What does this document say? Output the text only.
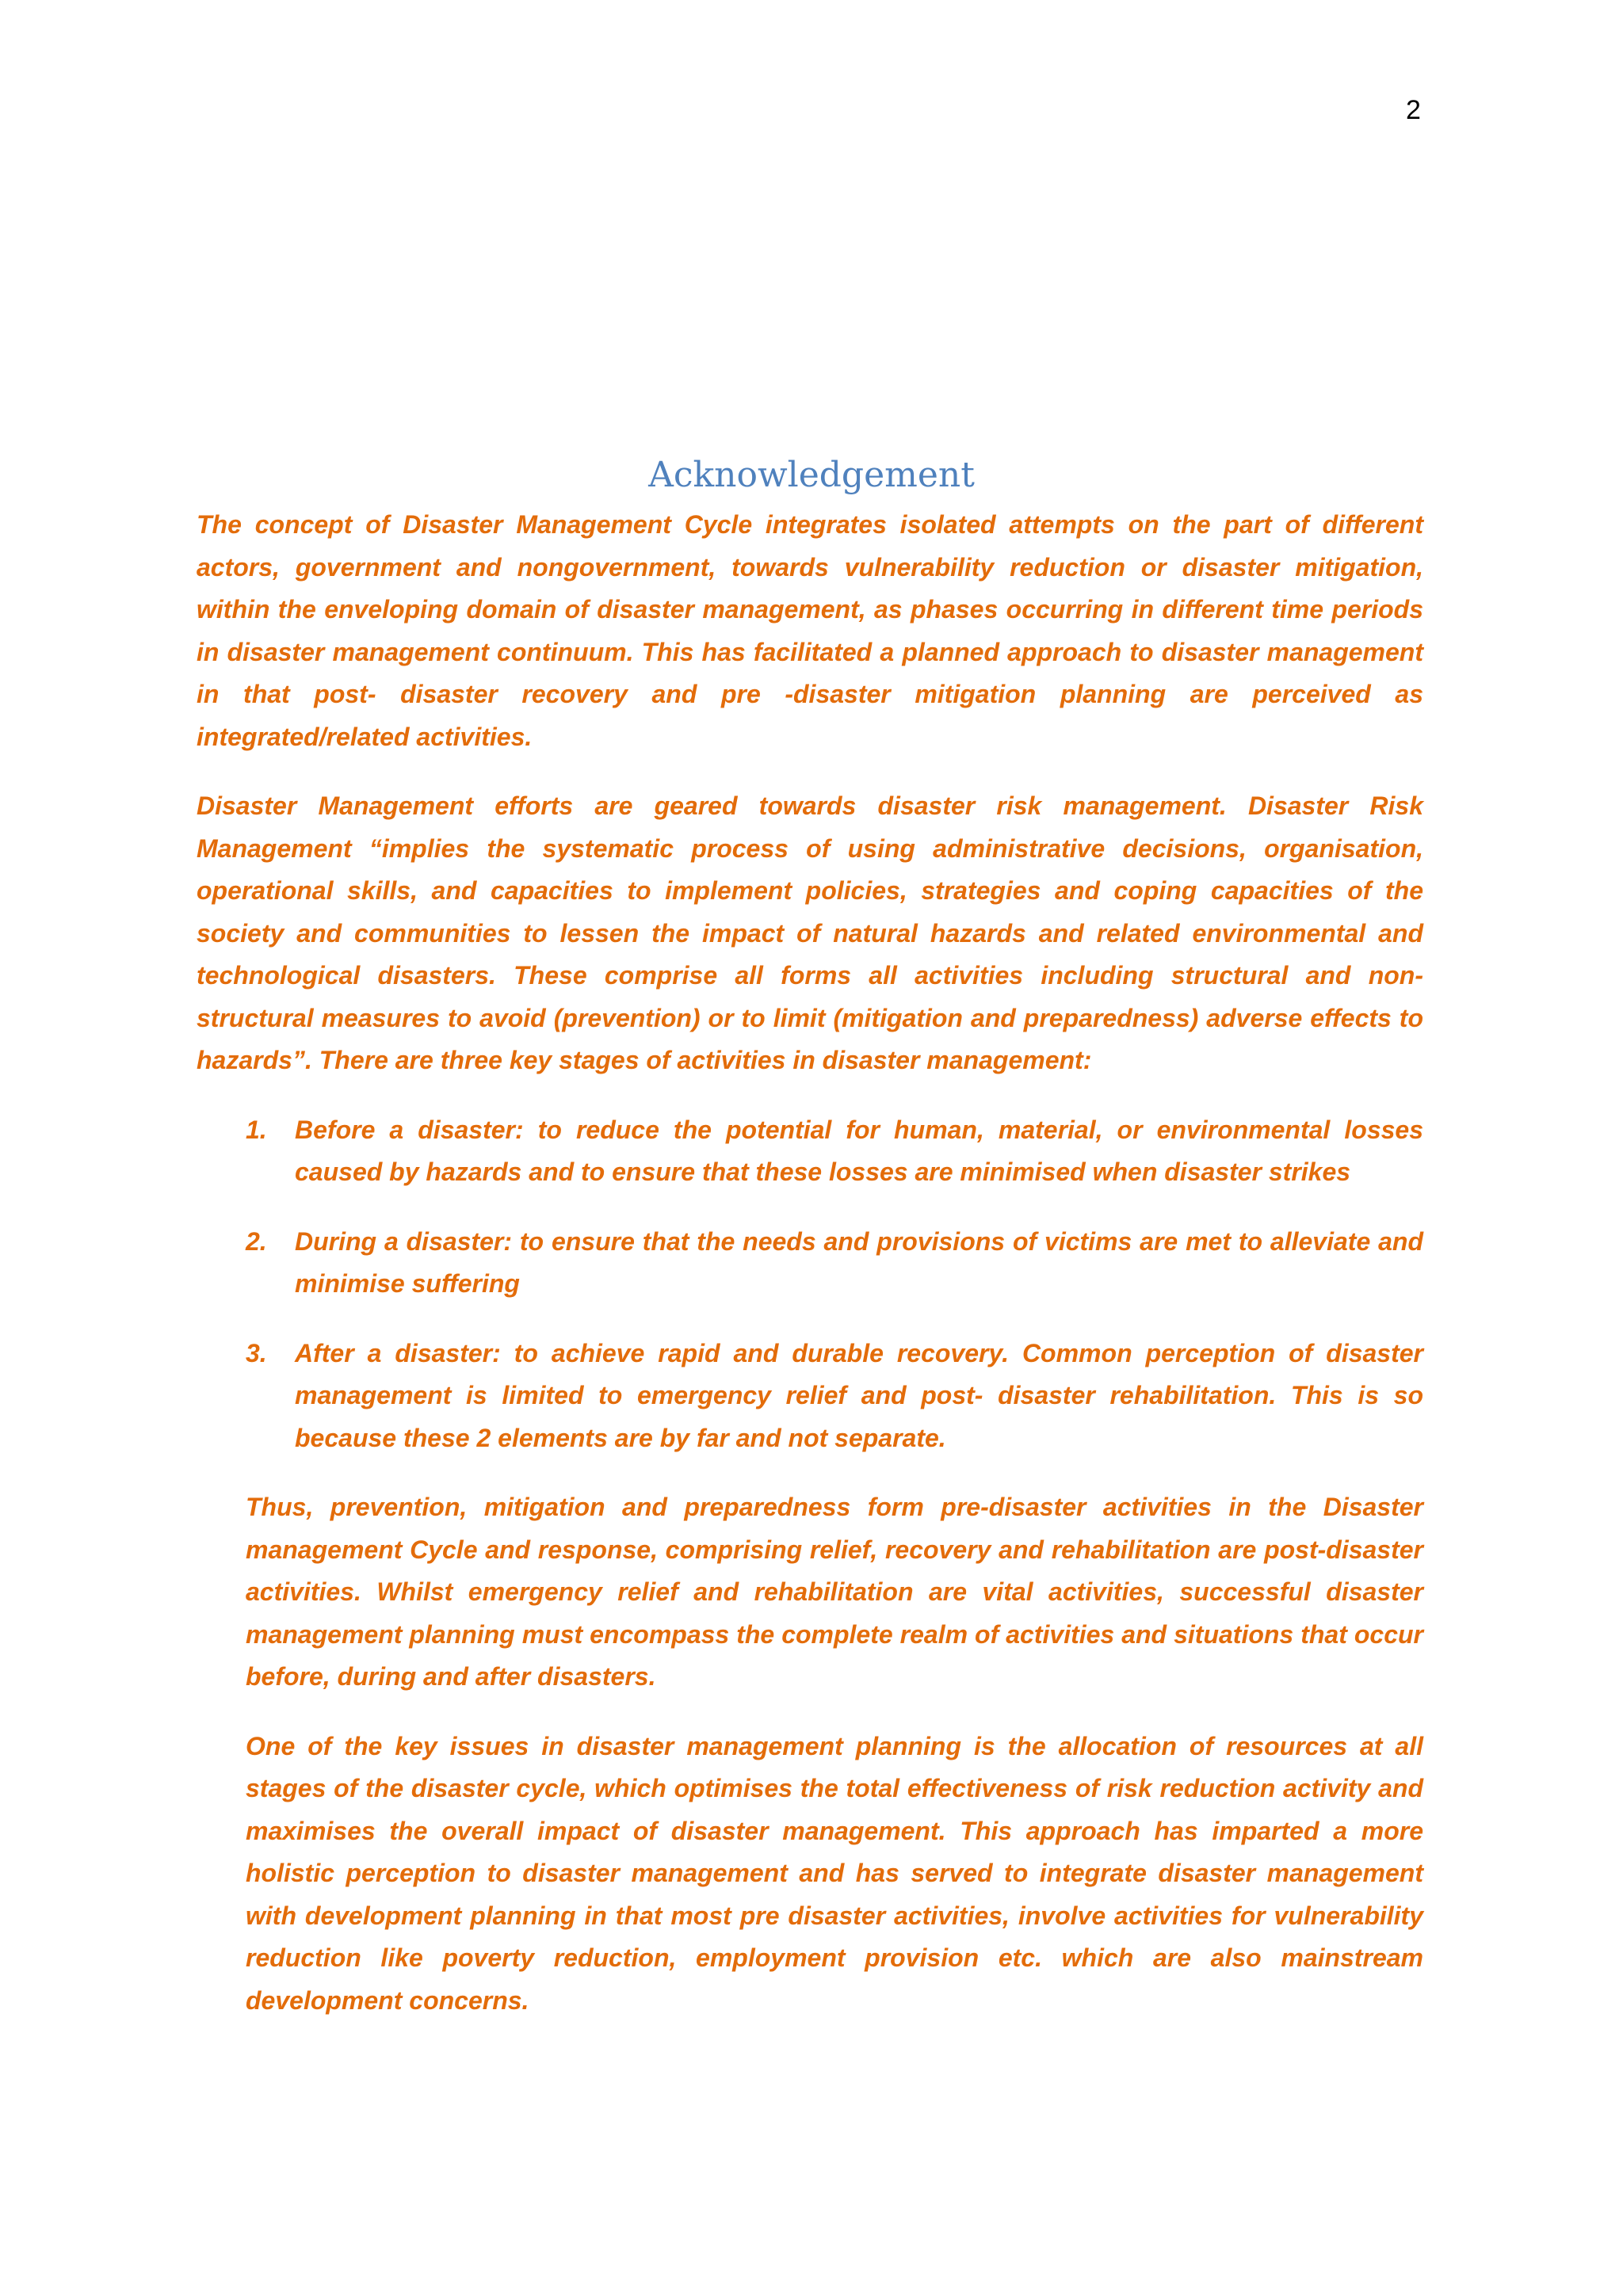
2
Acknowledgement

The concept of Disaster Management Cycle integrates isolated attempts on the part of different actors, government and nongovernment, towards vulnerability reduction or disaster mitigation, within the enveloping domain of disaster management, as phases occurring in different time periods in disaster management continuum. This has facilitated a planned approach to disaster management in that post- disaster recovery and pre -disaster mitigation planning are perceived as integrated/related activities.

Disaster Management efforts are geared towards disaster risk management. Disaster Risk Management “implies the systematic process of using administrative decisions, organisation, operational skills, and capacities to implement policies, strategies and coping capacities of the society and communities to lessen the impact of natural hazards and related environmental and technological disasters. These comprise all forms all activities including structural and non-structural measures to avoid (prevention) or to limit (mitigation and preparedness) adverse effects to hazards”. There are three key stages of activities in disaster management:

1. Before a disaster: to reduce the potential for human, material, or environmental losses caused by hazards and to ensure that these losses are minimised when disaster strikes
2. During a disaster: to ensure that the needs and provisions of victims are met to alleviate and minimise suffering
3. After a disaster: to achieve rapid and durable recovery. Common perception of disaster management is limited to emergency relief and post- disaster rehabilitation. This is so because these 2 elements are by far and not separate.

Thus, prevention, mitigation and preparedness form pre-disaster activities in the Disaster management Cycle and response, comprising relief, recovery and rehabilitation are post-disaster activities. Whilst emergency relief and rehabilitation are vital activities, successful disaster management planning must encompass the complete realm of activities and situations that occur before, during and after disasters.

One of the key issues in disaster management planning is the allocation of resources at all stages of the disaster cycle, which optimises the total effectiveness of risk reduction activity and maximises the overall impact of disaster management. This approach has imparted a more holistic perception to disaster management and has served to integrate disaster management with development planning in that most pre disaster activities, involve activities for vulnerability reduction like poverty reduction, employment provision etc. which are also mainstream development concerns.
